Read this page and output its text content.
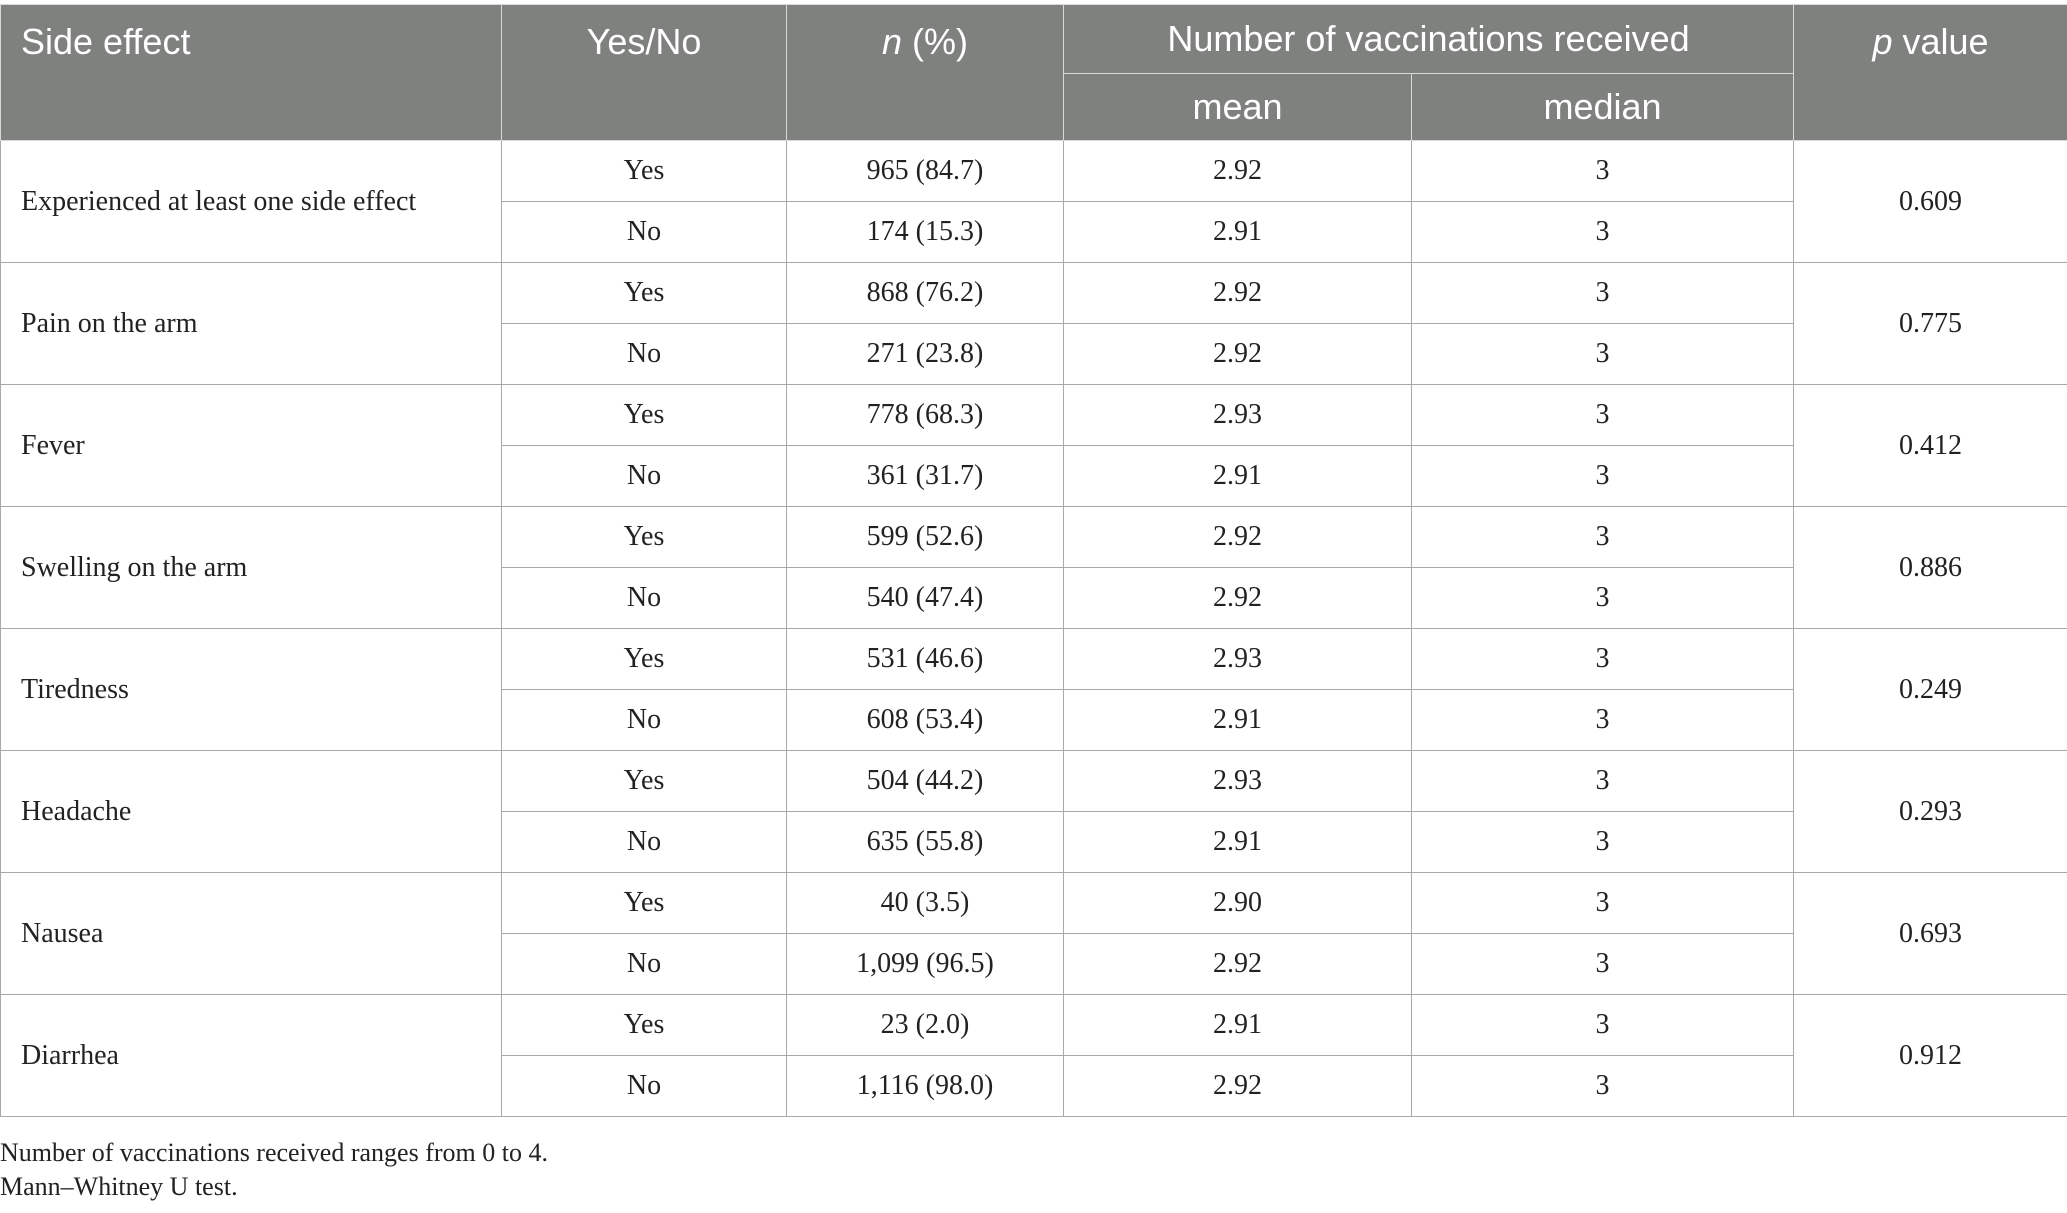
Side effect	Yes/No	n (%)	Number of vaccinations received		p value
			mean	median	
Experienced at least one side effect	Yes	965 (84.7)	2.92	3	0.609
	No	174 (15.3)	2.91	3	
Pain on the arm	Yes	868 (76.2)	2.92	3	0.775
	No	271 (23.8)	2.92	3	
Fever	Yes	778 (68.3)	2.93	3	0.412
	No	361 (31.7)	2.91	3	
Swelling on the arm	Yes	599 (52.6)	2.92	3	0.886
	No	540 (47.4)	2.92	3	
Tiredness	Yes	531 (46.6)	2.93	3	0.249
	No	608 (53.4)	2.91	3	
Headache	Yes	504 (44.2)	2.93	3	0.293
	No	635 (55.8)	2.91	3	
Nausea	Yes	40 (3.5)	2.90	3	0.693
	No	1,099 (96.5)	2.92	3	
Diarrhea	Yes	23 (2.0)	2.91	3	0.912
	No	1,116 (98.0)	2.92	3	
Number of vaccinations received ranges from 0 to 4.
Mann–Whitney U test.
